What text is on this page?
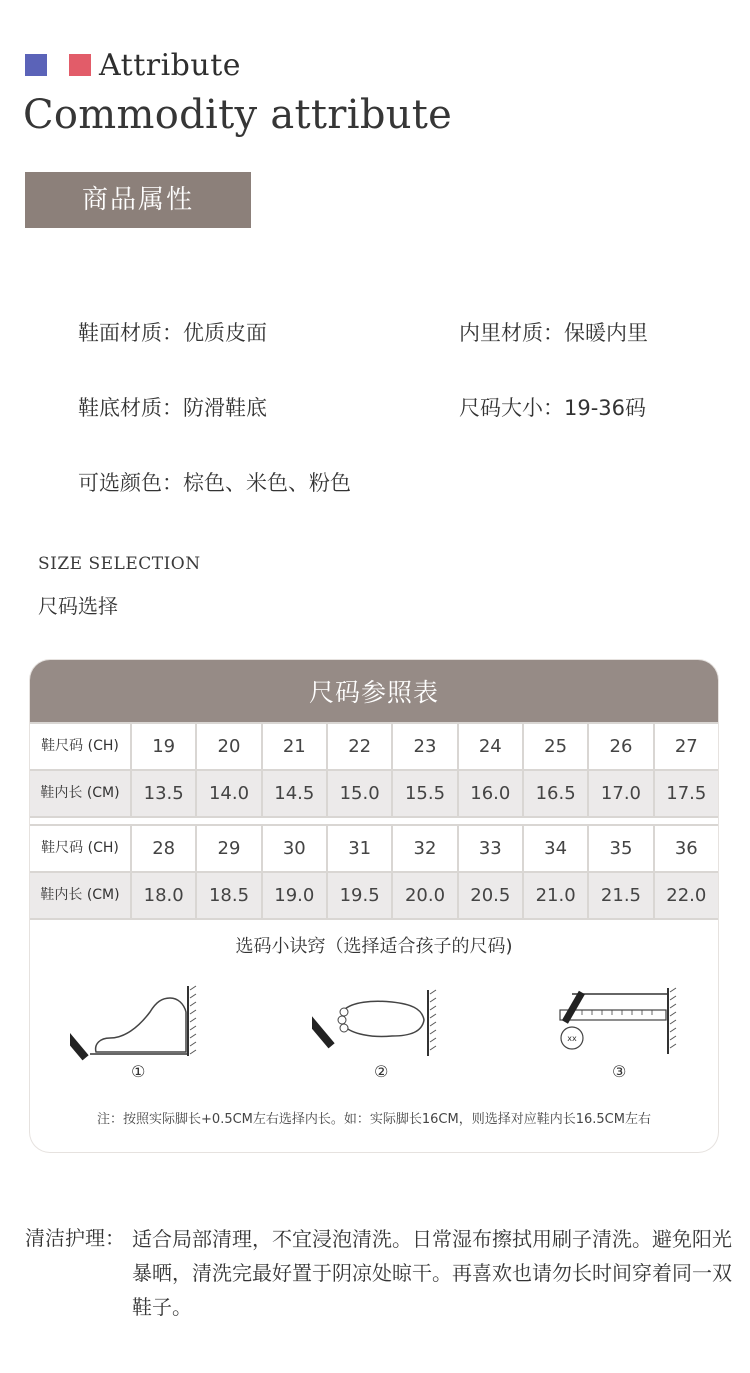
Attribute
Commodity attribute
商品属性
鞋面材质：优质皮面	内里材质：保暖内里
鞋底材质：防滑鞋底	尺码大小：19-36码
可选颜色：棕色、米色、粉色
SIZE SELECTION
尺码选择
尺码参照表
鞋尺码 (CH)	19	20	21	22	23	24	25	26	27
鞋内长 (CM)	13.5	14.0	14.5	15.0	15.5	16.0	16.5	17.0	17.5
鞋尺码 (CH)	28	29	30	31	32	33	34	35	36
鞋内长 (CM)	18.0	18.5	19.0	19.5	20.0	20.5	21.0	21.5	22.0
选码小诀窍（选择适合孩子的尺码)
xx
①	②	③
注：按照实际脚长+0.5CM左右选择内长。如：实际脚长16CM，则选择对应鞋内长16.5CM左右
清洁护理： 适合局部清理，不宜浸泡清洗。日常湿布擦拭用刷子清洗。避免阳光暴晒，清洗完最好置于阴凉处晾干。再喜欢也请勿长时间穿着同一双鞋子。
